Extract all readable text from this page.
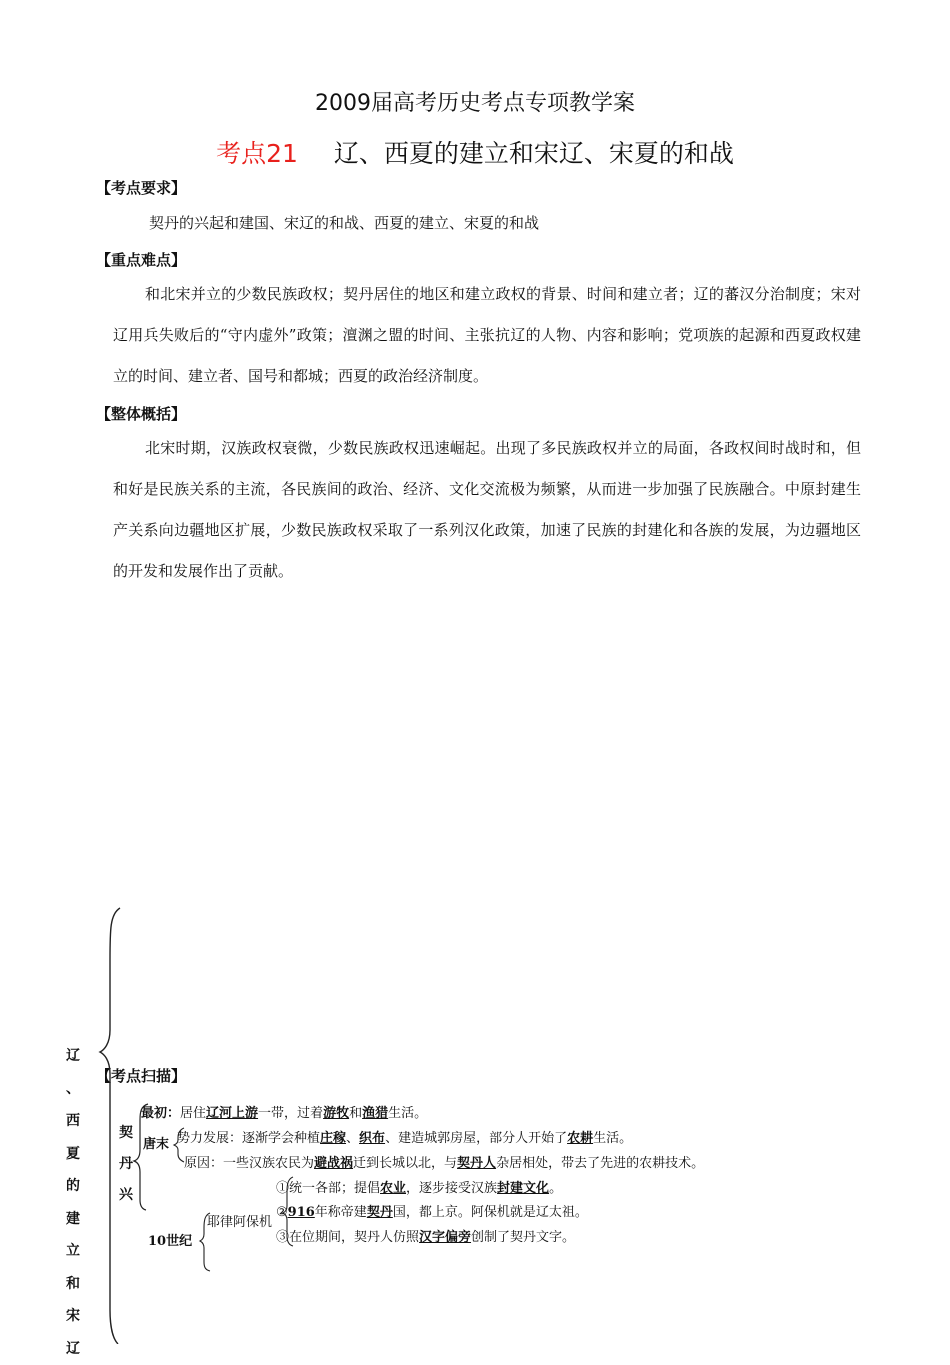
2009届高考历史考点专项教学案
考点21 辽、西夏的建立和宋辽、宋夏的和战
【考点要求】
契丹的兴起和建国、宋辽的和战、西夏的建立、宋夏的和战
【重点难点】
和北宋并立的少数民族政权；契丹居住的地区和建立政权的背景、时间和建立者；辽的蕃汉分治制度；宋对辽用兵失败后的“守内虚外”政策；澶渊之盟的时间、主张抗辽的人物、内容和影响；党项族的起源和西夏政权建立的时间、建立者、国号和都城；西夏的政治经济制度。
【整体概括】
北宋时期，汉族政权衰微，少数民族政权迅速崛起。出现了多民族政权并立的局面，各政权间时战时和，但和好是民族关系的主流，各民族间的政治、经济、文化交流极为频繁，从而进一步加强了民族融合。中原封建生产关系向边疆地区扩展，少数民族政权采取了一系列汉化政策，加速了民族的封建化和各族的发展，为边疆地区的开发和发展作出了贡献。
【考点扫描】
辽
、
西
夏
的
建
立
和
宋
辽
契
丹
兴
最初：居住辽河上游一带，过着游牧和渔猎生活。
唐末 势力发展：逐渐学会种植庄稼、织布、建造城郭房屋，部分人开始了农耕生活。
原因：一些汉族农民为避战祸迁到长城以北，与契丹人杂居相处，带去了先进的农耕技术。
①统一各部；提倡农业，逐步接受汉族封建文化。
耶律阿保机
②916年称帝建契丹国，都上京。阿保机就是辽太祖。
③在位期间，契丹人仿照汉字偏旁创制了契丹文字。
10世纪
